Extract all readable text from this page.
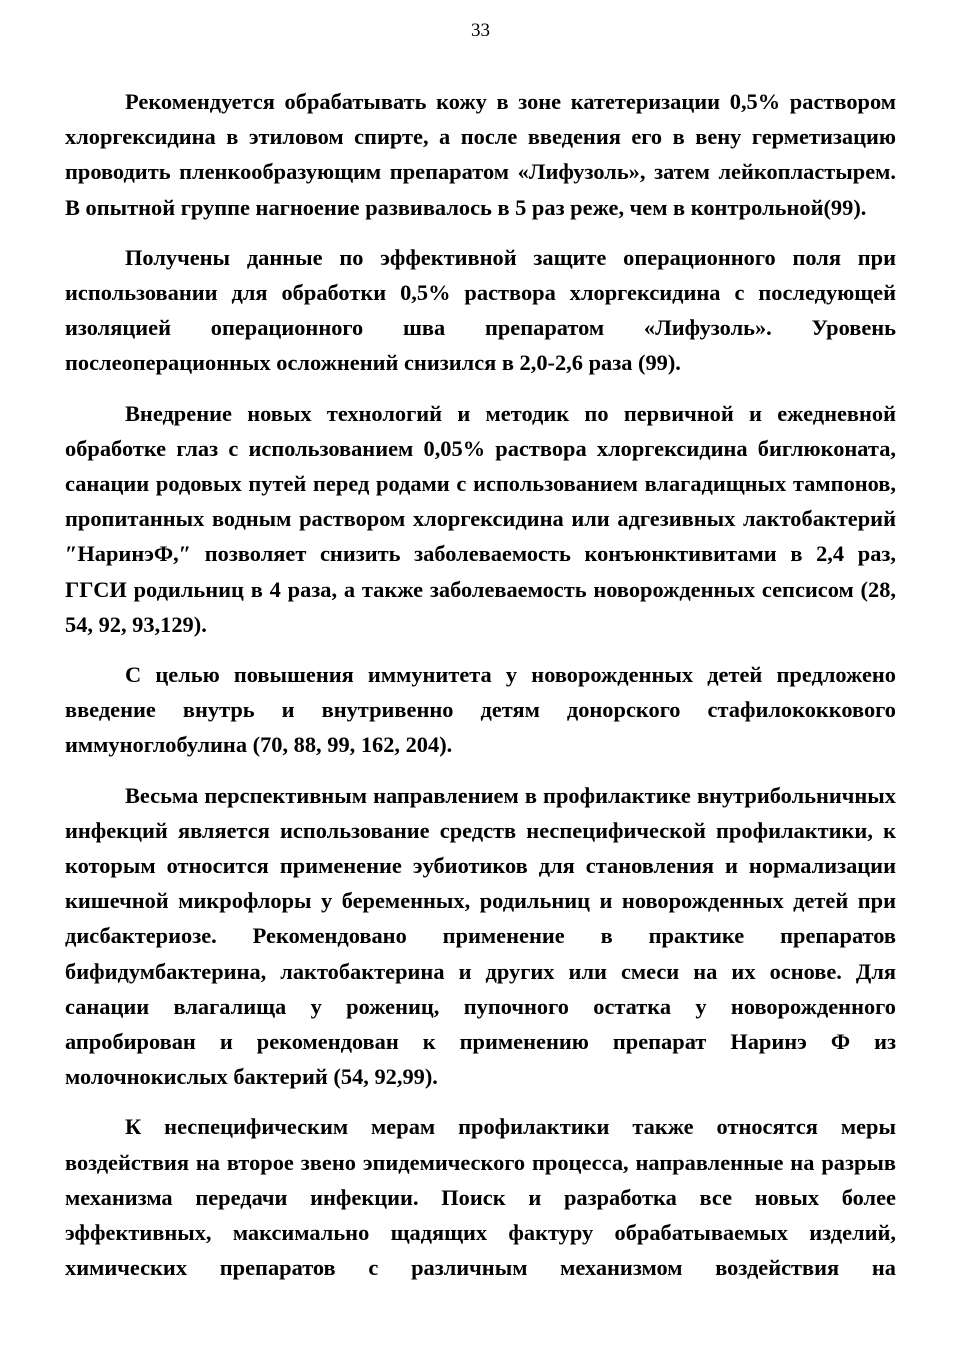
33

Рекомендуется обрабатывать кожу в зоне катетеризации 0,5% раствором хлоргексидина в этиловом спирте, а после введения его в вену герметизацию проводить пленкообразующим препаратом «Лифузоль», затем лейкопластырем. В опытной группе нагноение развивалось в 5 раз реже, чем в контрольной(99).

Получены данные по эффективной защите операционного поля при использовании для обработки 0,5% раствора хлоргексидина с последующей изоляцией операционного шва препаратом «Лифузоль». Уровень послеоперационных осложнений снизился в 2,0-2,6 раза (99).

Внедрение новых технологий и методик по первичной и ежедневной обработке глаз с использованием 0,05% раствора хлоргексидина биглюконата, санации родовых путей перед родами с использованием влагадищных тампонов, пропитанных водным раствором хлоргексидина или адгезивных лактобактерий ″НаринэФ,″ позволяет снизить заболеваемость конъюнктивитами в 2,4 раз, ГГСИ родильниц в 4 раза, а также заболеваемость новорожденных сепсисом (28, 54, 92, 93,129).

С целью повышения иммунитета у новорожденных детей предложено введение внутрь и внутривенно детям донорского стафилококкового иммуноглобулина (70, 88, 99, 162, 204).

Весьма перспективным направлением в профилактике внутрибольничных инфекций является использование средств неспецифической профилактики, к которым относится применение эубиотиков для становления и нормализации кишечной микрофлоры у беременных, родильниц и новорожденных детей при дисбактериозе. Рекомендовано применение в практике препаратов бифидумбактерина, лактобактерина и других или смеси на их основе. Для санации влагалища у рожениц, пупочного остатка у новорожденного апробирован и рекомендован к применению препарат Наринэ Ф из молочнокислых бактерий (54, 92,99).

К неспецифическим мерам профилактики также относятся меры воздействия на второе звено эпидемического процесса, направленные на разрыв механизма передачи инфекции. Поиск и разработка все новых более эффективных, максимально щадящих фактуру обрабатываемых изделий, химических препаратов с различным механизмом воздействия на
